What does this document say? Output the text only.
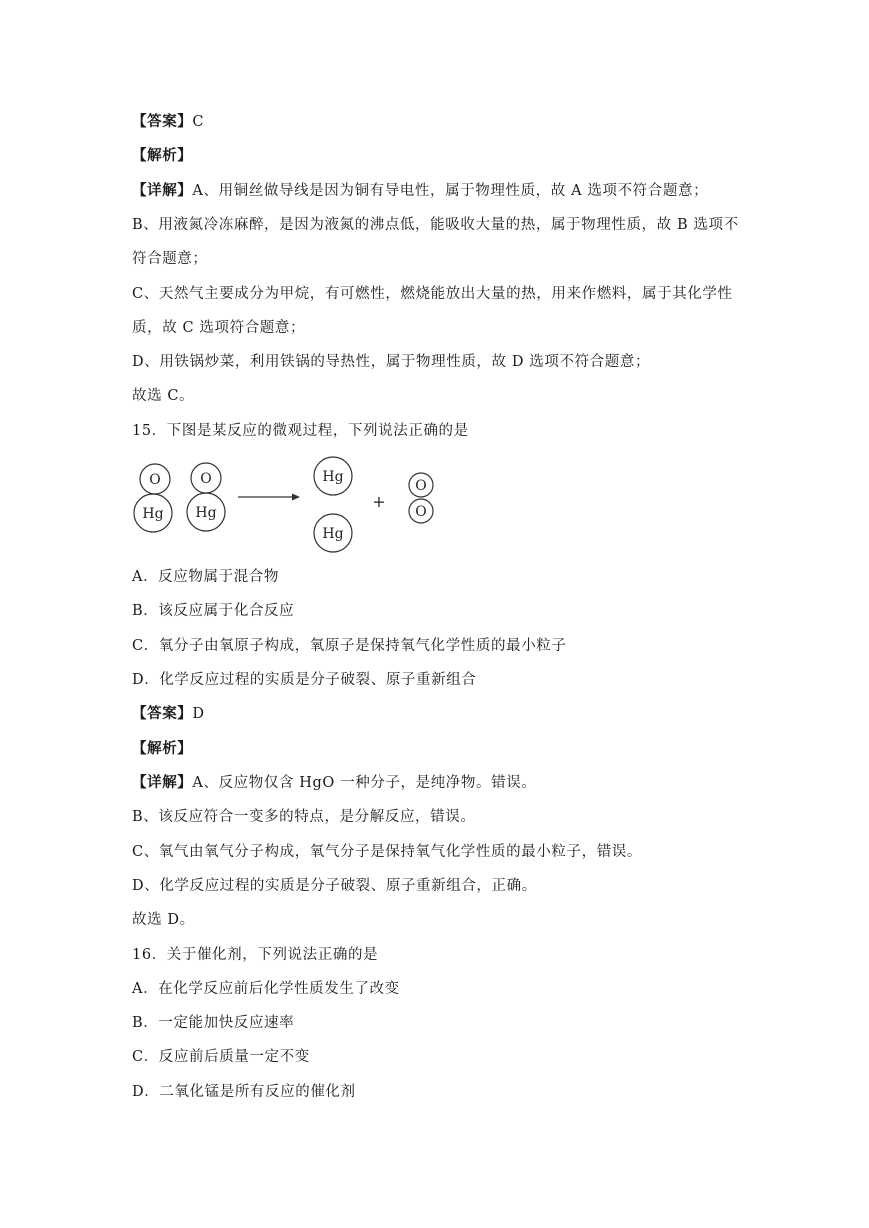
【答案】C
【解析】
【详解】A、用铜丝做导线是因为铜有导电性，属于物理性质，故 A 选项不符合题意；
B、用液氮冷冻麻醉，是因为液氮的沸点低，能吸收大量的热，属于物理性质，故 B 选项不
符合题意；
C、天然气主要成分为甲烷，有可燃性，燃烧能放出大量的热，用来作燃料，属于其化学性
质，故 C 选项符合题意；
D、用铁锅炒菜，利用铁锅的导热性，属于物理性质，故 D 选项不符合题意；
故选 C。
15．下图是某反应的微观过程，下列说法正确的是
O
Hg
O
Hg
Hg
Hg
O
O
+
A．反应物属于混合物
B．该反应属于化合反应
C．氧分子由氧原子构成，氧原子是保持氧气化学性质的最小粒子
D．化学反应过程的实质是分子破裂、原子重新组合
【答案】D
【解析】
【详解】A、反应物仅含 HgO 一种分子，是纯净物。错误。
B、该反应符合一变多的特点，是分解反应，错误。
C、氧气由氧气分子构成，氧气分子是保持氧气化学性质的最小粒子，错误。
D、化学反应过程的实质是分子破裂、原子重新组合，正确。
故选 D。
16．关于催化剂，下列说法正确的是
A．在化学反应前后化学性质发生了改变
B．一定能加快反应速率
C．反应前后质量一定不变
D．二氧化锰是所有反应的催化剂
